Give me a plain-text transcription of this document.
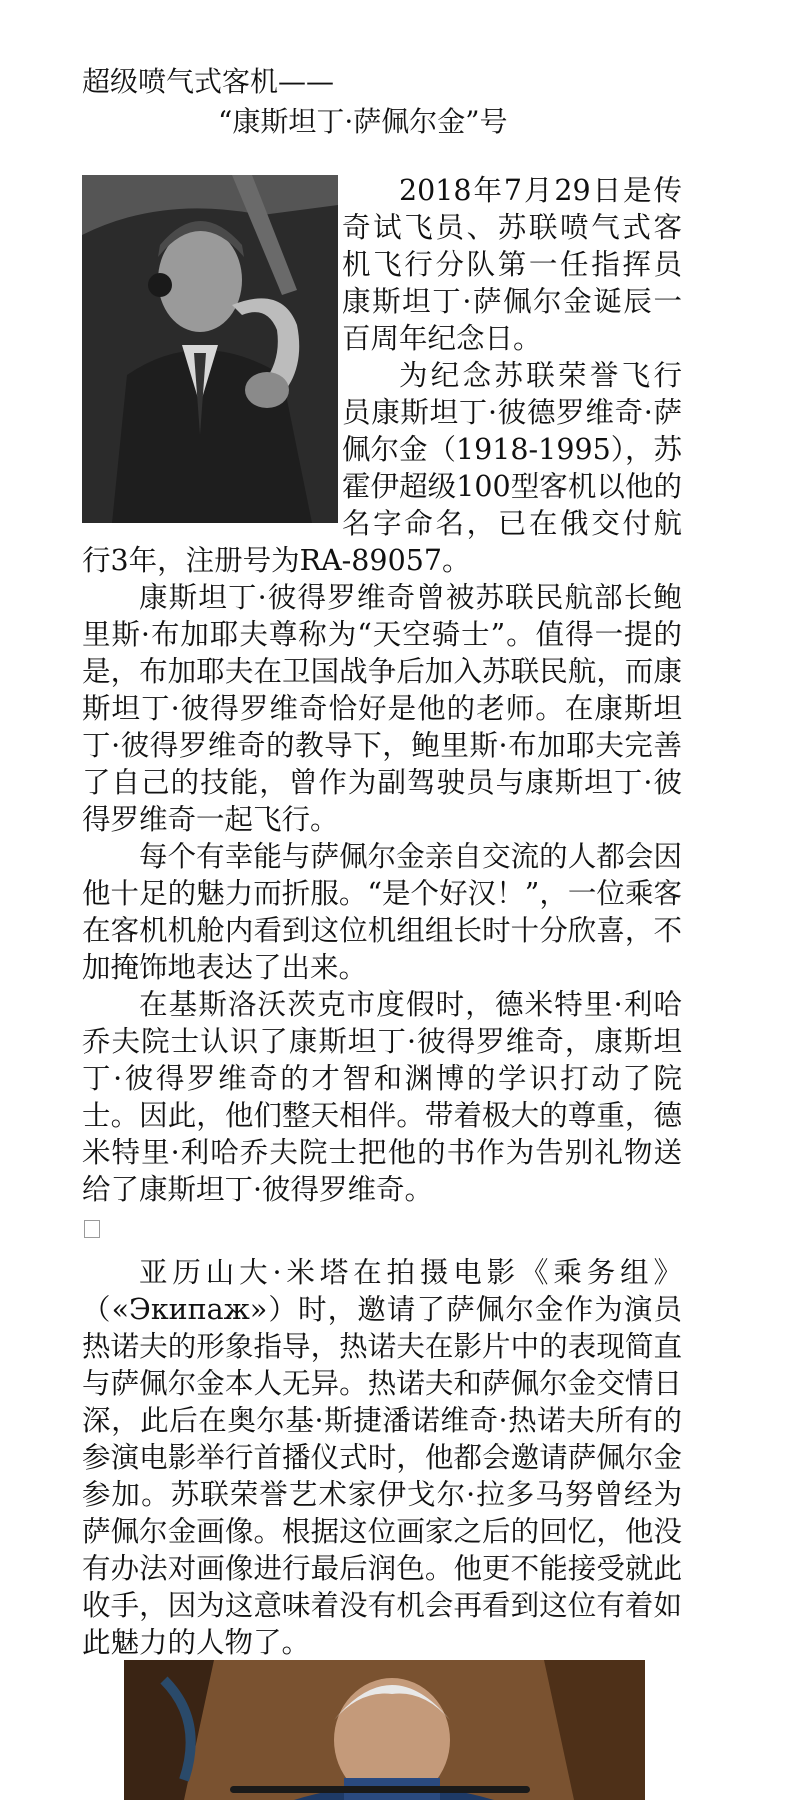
超级喷气式客机——
“康斯坦丁·萨佩尔金”号

2018年7月29日是传奇试飞员、苏联喷气式客机飞行分队第一任指挥员康斯坦丁·萨佩尔金诞辰一百周年纪念日。

为纪念苏联荣誉飞行员康斯坦丁·彼德罗维奇·萨佩尔金（1918-1995），苏霍伊超级100型客机以他的名字命名，已在俄交付航行3年，注册号为RA-89057。

康斯坦丁·彼得罗维奇曾被苏联民航部长鲍里斯·布加耶夫尊称为“天空骑士”。值得一提的是，布加耶夫在卫国战争后加入苏联民航，而康斯坦丁·彼得罗维奇恰好是他的老师。在康斯坦丁·彼得罗维奇的教导下，鲍里斯·布加耶夫完善了自己的技能，曾作为副驾驶员与康斯坦丁·彼得罗维奇一起飞行。

每个有幸能与萨佩尔金亲自交流的人都会因他十足的魅力而折服。“是个好汉！”，一位乘客在客机机舱内看到这位机组组长时十分欣喜，不加掩饰地表达了出来。

在基斯洛沃茨克市度假时，德米特里·利哈乔夫院士认识了康斯坦丁·彼得罗维奇，康斯坦丁·彼得罗维奇的才智和渊博的学识打动了院士。因此，他们整天相伴。带着极大的尊重，德米特里·利哈乔夫院士把他的书作为告别礼物送给了康斯坦丁·彼得罗维奇。

亚历山大·米塔在拍摄电影《乘务组》（«Экипаж»）时，邀请了萨佩尔金作为演员热诺夫的形象指导，热诺夫在影片中的表现简直与萨佩尔金本人无异。热诺夫和萨佩尔金交情日深，此后在奥尔基·斯捷潘诺维奇·热诺夫所有的参演电影举行首播仪式时，他都会邀请萨佩尔金参加。苏联荣誉艺术家伊戈尔·拉多马努曾经为萨佩尔金画像。根据这位画家之后的回忆，他没有办法对画像进行最后润色。他更不能接受就此收手，因为这意味着没有机会再看到这位有着如此魅力的人物了。
